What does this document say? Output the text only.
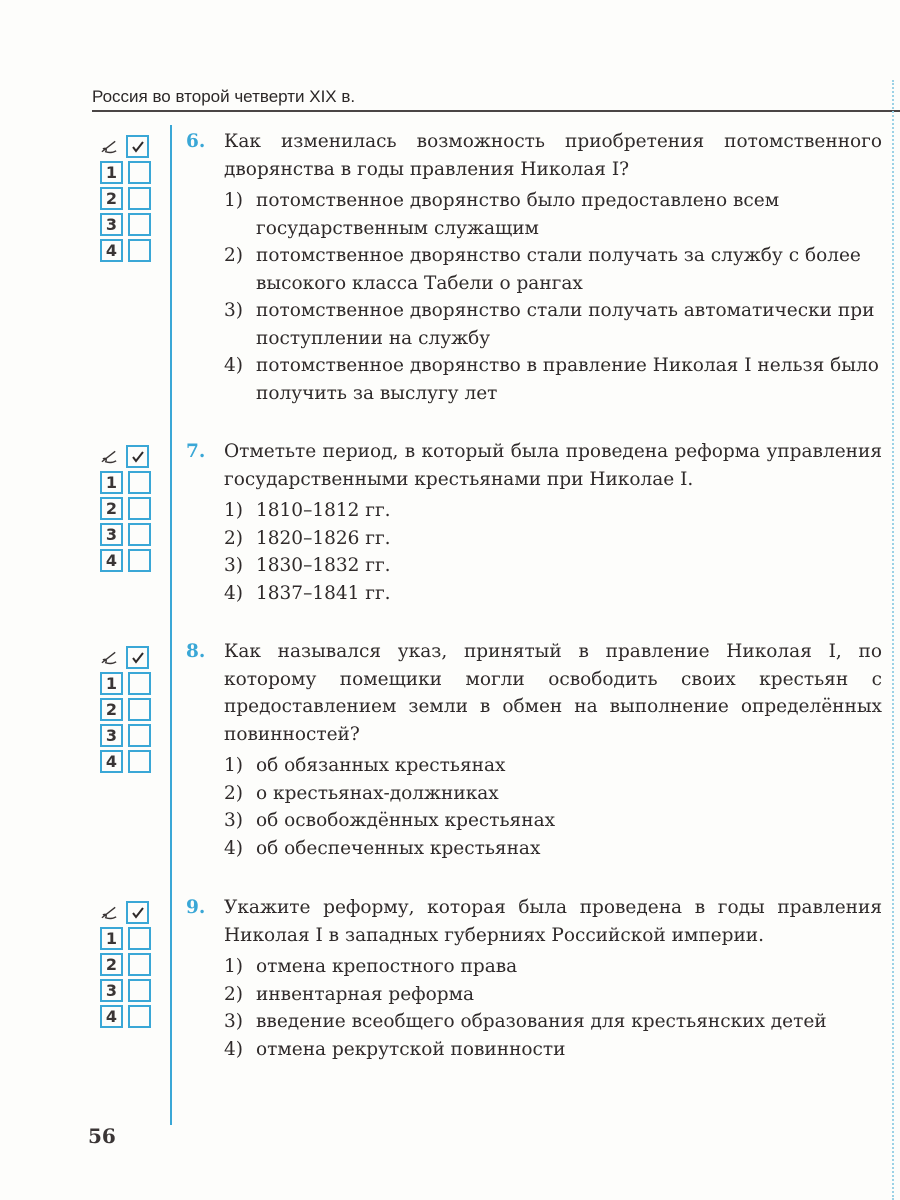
Россия во второй четверти XIX в.
1
2
3
4
1
2
3
4
1
2
3
4
1
2
3
4
6.	Как изменилась возможность приобретения потомственного дворянства в годы правления Николая I?
1) потомственное дворянство было предоставлено всем государственным служащим
2) потомственное дворянство стали получать за службу с более высокого класса Табели о рангах
3) потомственное дворянство стали получать автоматически при поступлении на службу
4) потомственное дворянство в правление Николая I нельзя было получить за выслугу лет
7.	Отметьте период, в который была проведена реформа управления государственными крестьянами при Николае I.
1) 1810–1812 гг.
2) 1820–1826 гг.
3) 1830–1832 гг.
4) 1837–1841 гг.
8.	Как назывался указ, принятый в правление Николая I, по которому помещики могли освободить своих крестьян с предоставлением земли в обмен на выполнение определённых повинностей?
1) об обязанных крестьянах
2) о крестьянах-должниках
3) об освобождённых крестьянах
4) об обеспеченных крестьянах
9.	Укажите реформу, которая была проведена в годы правления Николая I в западных губерниях Российской империи.
1) отмена крепостного права
2) инвентарная реформа
3) введение всеобщего образования для крестьянских детей
4) отмена рекрутской повинности
56
